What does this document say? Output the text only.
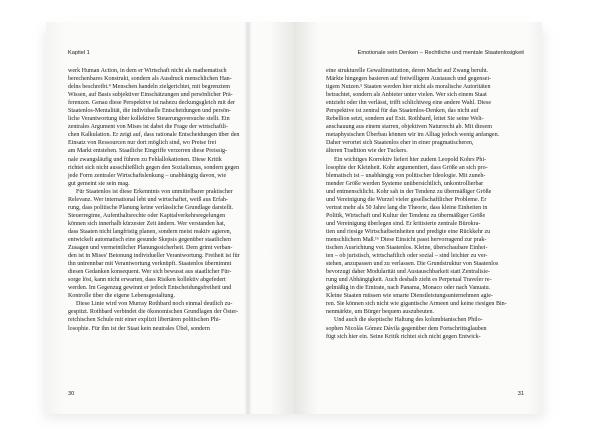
Kapitel 1
werk Human Action, in dem er Wirtschaft nicht als mathematisch
berechenbares Konstrukt, sondern als Ausdruck menschlichen Han-
delns beschreibt.⁴ Menschen handeln zielgerichtet, mit begrenztem
Wissen, auf Basis subjektiver Einschätzungen und persönlicher Prä-
ferenzen. Genau diese Perspektive ist nahezu deckungsgleich mit der
Staatenlos-Mentalität, die individuelle Entscheidungen und persön-
liche Verantwortung über kollektive Steuerungsversuche stellt. Ein
zentrales Argument von Mises ist dabei die Frage der wirtschaftli-
chen Kalkulation. Er zeigt auf, dass rationale Entscheidungen über den
Einsatz von Ressourcen nur dort möglich sind, wo Preise frei
am Markt entstehen. Staatliche Eingriffe verzerren diese Preissig-
nale zwangsläufig und führen zu Fehlallokationen. Diese Kritik
richtet sich nicht ausschließlich gegen den Sozialismus, sondern gegen
jede Form zentraler Wirtschaftslenkung – unabhängig davon, wie
gut gemeint sie sein mag.
Für Staatenlos ist diese Erkenntnis von unmittelbarer praktischer
Relevanz. Wer international lebt und wirtschaftet, weiß aus Erfah-
rung, dass politische Planung keine verlässliche Grundlage darstellt.
Steuerregime, Aufenthaltsrechte oder Kapitalverkehrsregelungen
können sich innerhalb kürzester Zeit ändern. Wer verstanden hat,
dass Staaten nicht langfristig planen, sondern meist reaktiv agieren,
entwickelt automatisch eine gesunde Skepsis gegenüber staatlichen
Zusagen und vermeintlicher Planungssicherheit. Dem grimt verban-
den ist in Mises' Betonung individueller Verantwortung. Freiheit ist für
ihn untrennbar mit Verantwortung verknüpft. Staatenlos übernimmt
diesen Gedanken konsequent. Wer sich bewusst aus staatlicher Für-
sorge löst, kann nicht erwarten, dass Risiken kollektiv abgefedert
werden. Im Gegenzug gewinnt er jedoch Entscheidungsfreiheit und
Kontrolle über die eigene Lebensgestaltung.
Diese Linie wird von Murray Rothbard noch einmal deutlich zu-
gespitzt. Rothbard verbindet die ökonomischen Grundlagen der Öster-
reichischen Schule mit einer explizit libertären politischen Phi-
losophie. Für ihn ist der Staat kein neutrales Übel, sondern
30
Emotionale sein Denken – Rechtliche und mentale Staatenlosigkeit
eine strukturelle Gewaltinstitution, deren Macht auf Zwang beruht.
Märkte hingegen basieren auf freiwilligem Austausch und gegensei-
tigem Nutzen.⁵ Staaten werden hier nicht als moralische Autoritäten
betrachtet, sondern als Anbieter unter vielen. Wer sich einem Staat
entzieht oder ihn verlässt, trifft schlichtweg eine andere Wahl. Diese
Perspektive ist zentral für das Staatenlos-Denken, das nicht auf
Rebellion setzt, sondern auf Exit. Rothbard, leitet Sie seine Welt-
anschauung aus einem starren, objektiven Naturrecht ab. Mit diesem
metaphysischen Überbau können wir im Alltag jedoch wenig anfangen.
Daher verortet sich Staatenlos eher in einer pragmatischeren,
älteren Tradition wie der Tuckers.
Ein wichtiges Korrektiv liefert hier zudem Leopold Kohrs Phi-
losophie der Kleinheit. Kohr argumentiert, dass Größe an sich pro-
blematisch ist – unabhängig von politischer Ideologie. Mit zuneh-
mender Größe werden Systeme unübersichtlich, unkontrollierbar
und entmenschlicht. Kohr sah in der Tendenz zu übermäßiger Größe
und Vereinigung die Wurzel vieler gesellschaftlicher Probleme. Er
vertrat mehr als 50 Jahre lang die Theorie, dass kleine Einheiten in
Politik, Wirtschaft und Kultur der Tendenz zu übermäßiger Größe
und Vereinigung überlegen sind. Er kritisierte zentrale Bürokra-
tien und riesige Wirtschaftseinheiten und predigte eine Rückkehr zu
menschlichem Maß.¹⁶ Diese Einsicht passt hervorragend zur prak-
tischen Ausrichtung von Staatenlos. Kleine, überschaubare Einhei-
ten – ob juristisch, wirtschaftlich oder sozial – sind leichter zu ver-
stehen, anzupassen und zu verlassen. Die Grundstruktur von Staatenlos
bevorzugt daher Modularität und Austauschbarkeit statt Zentralisie-
rung und Abhängigkeit. Auch deshalb zieht es Perpetual Traveler re-
gelmäßig in die Emirate, nach Panama, Monaco oder nach Vanuatu.
Kleine Staaten müssen wie smarte Dienstleistungsunternehmen agie-
ren. Sie können sich nicht wie gigantische Armeen und keine riesigen Bin-
nenmärkte, um Bürger bequem auszubeuten.
Und auch die skeptische Haltung des kolumbianischen Philo-
sophen Nicolás Gómez Dávila gegenüber dem Fortschrittsglauben
fügt sich hier ein. Seine Kritik richtet sich nicht gegen Entwick-
31
